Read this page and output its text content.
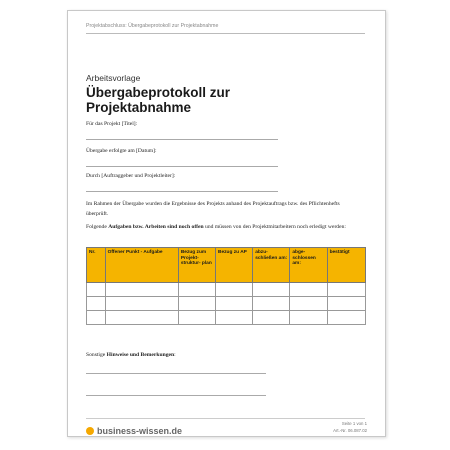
Projektabschluss: Übergabeprotokoll zur Projektabnahme
Arbeitsvorlage
Übergabeprotokoll zur
Projektabnahme
Für das Projekt [Titel]:
Übergabe erfolgte am [Datum]:
Durch [Auftraggeber und Projektleiter]:

Im Rahmen der Übergabe wurden die Ergebnisse des Projekts anhand des Projektauftrags bzw. des Pflichtenhefts überprüft.

Folgende Aufgaben bzw. Arbeiten sind noch offen und müssen von den Projektmitarbeitern noch erledigt werden:

Nr.	Offener Punkt - Aufgabe	Bezug zum Projekt- struktur- plan	Bezug zu AP	abzu- schließen am:	abge- schlossen am:	bestätigt

Sonstige Hinweise und Bemerkungen:
business-wissen.de
Seite 1 von 1
Art.-Nr. 06.087.02
